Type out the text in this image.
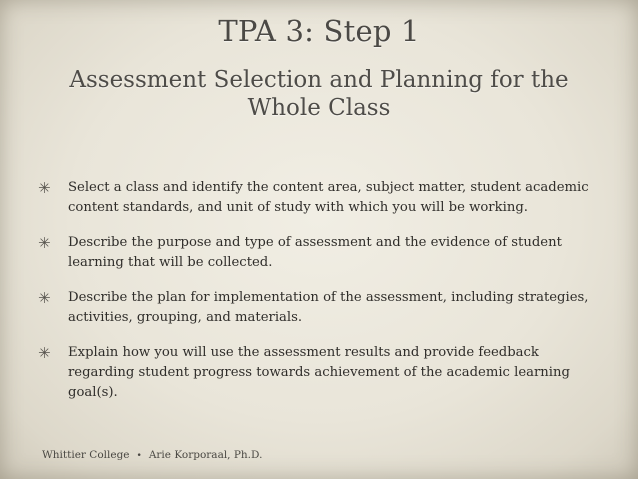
TPA 3: Step 1
Assessment Selection and Planning for the Whole Class
✳ Select a class and identify the content area, subject matter, student academic content standards, and unit of study with which you will be working.
✳ Describe the purpose and type of assessment and the evidence of student learning that will be collected.
✳ Describe the plan for implementation of the assessment, including strategies, activities, grouping, and materials.
✳ Explain how you will use the assessment results and provide feedback regarding student progress towards achievement of the academic learning goal(s).
Whittier College • Arie Korporaal, Ph.D.
